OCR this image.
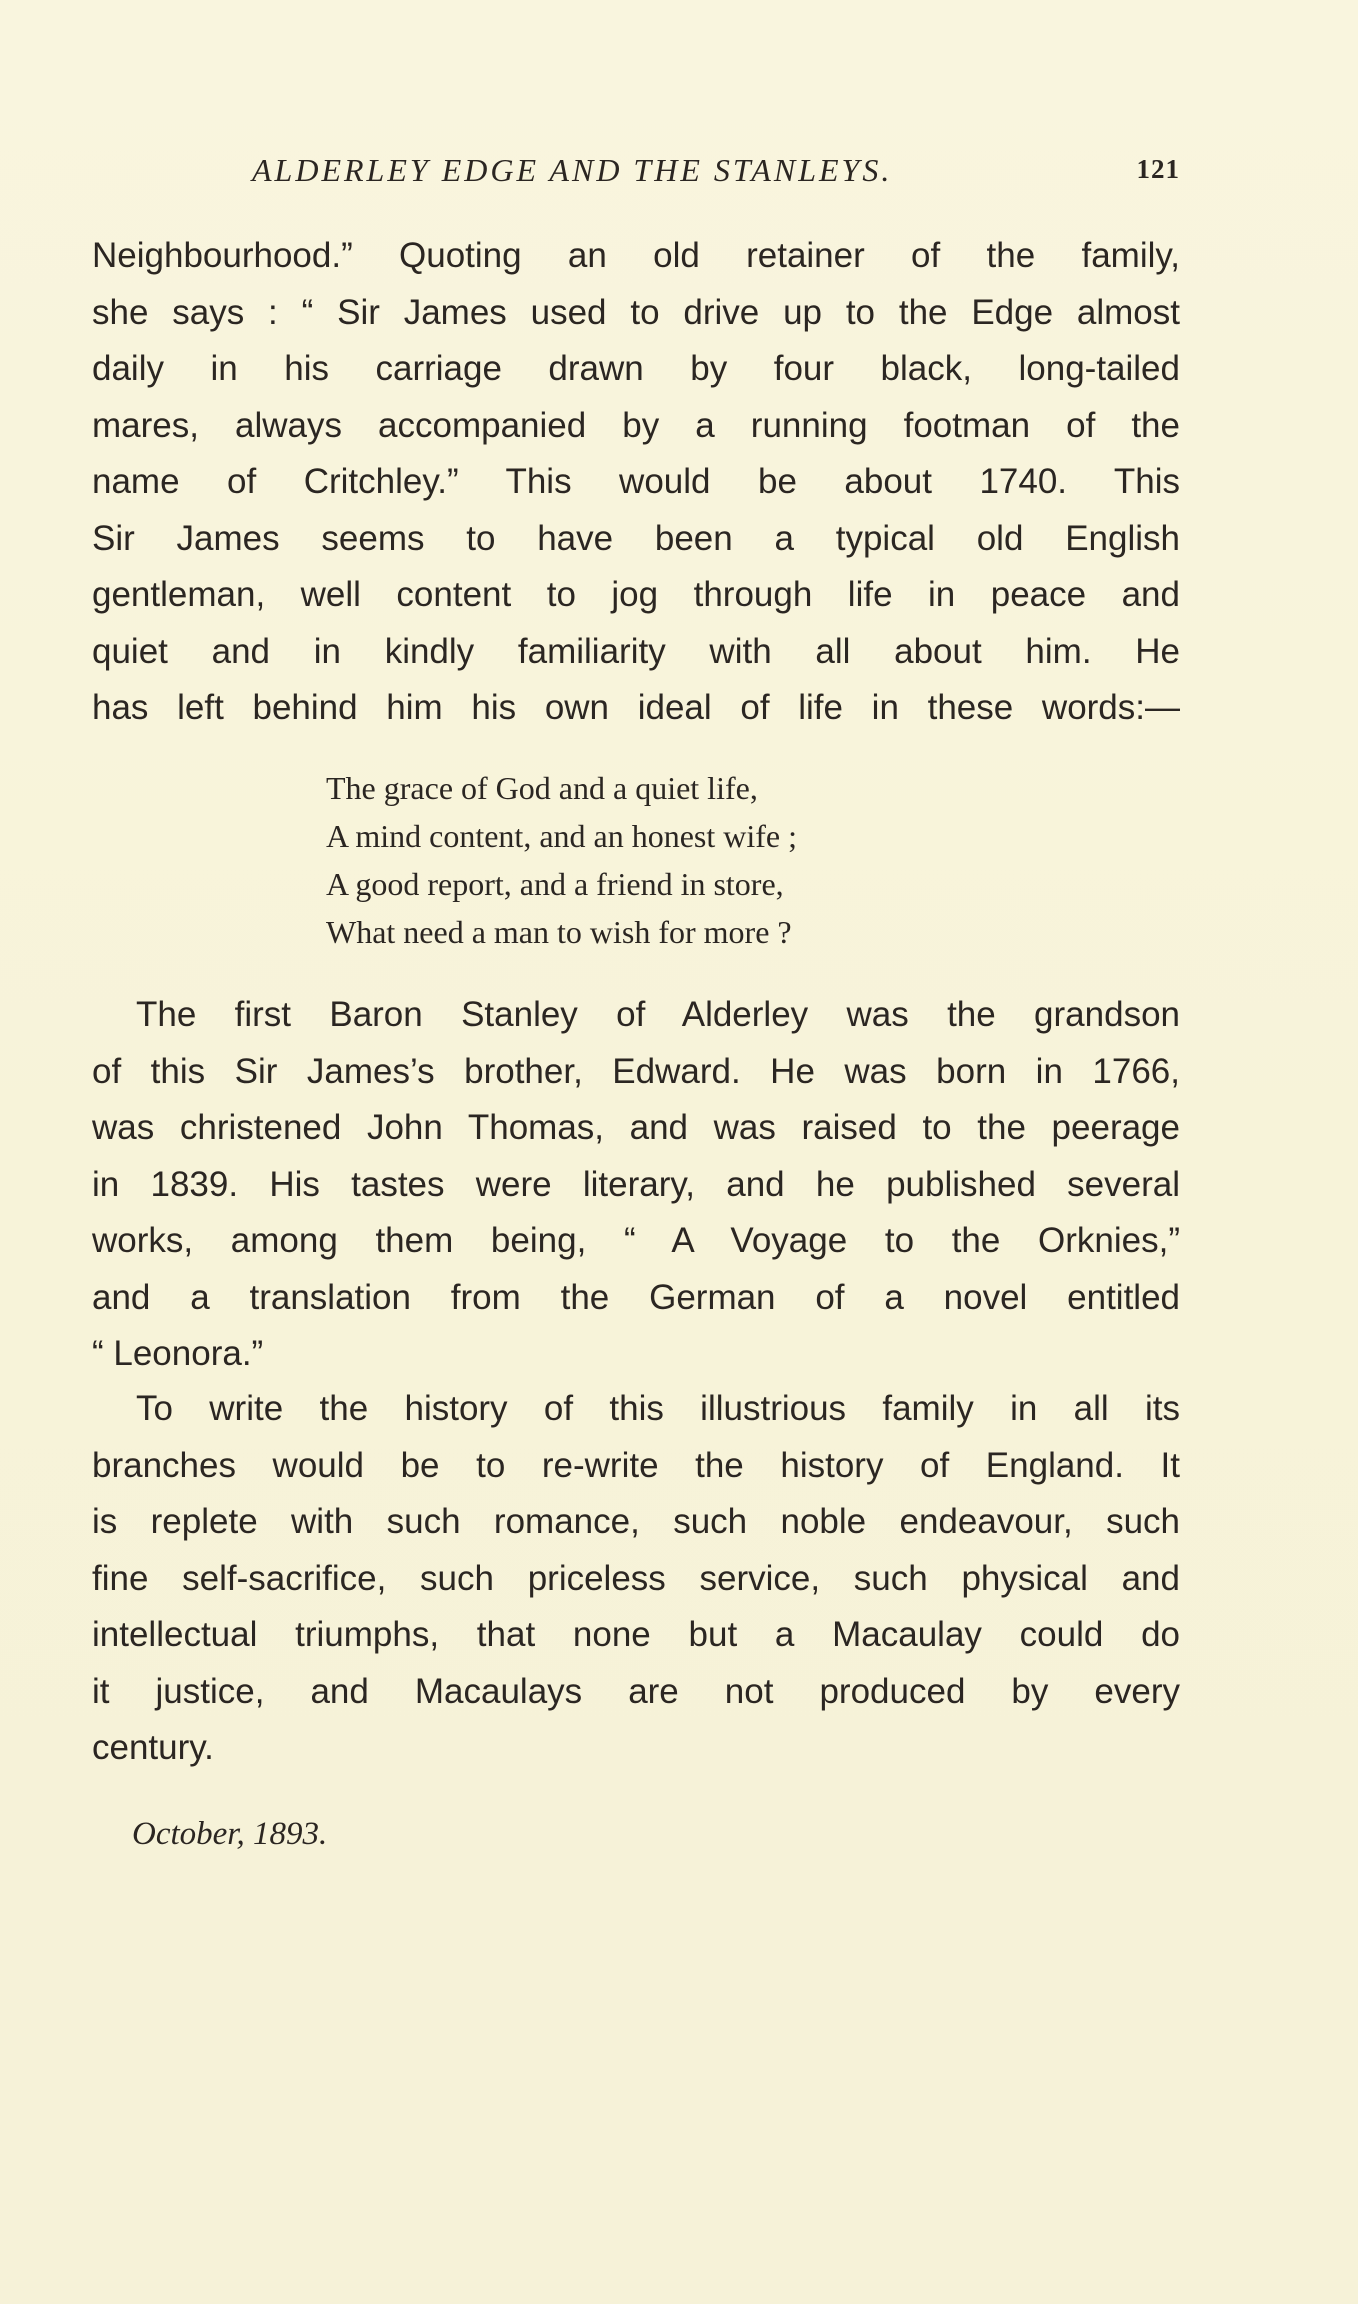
ALDERLEY EDGE AND THE STANLEYS.	121
Neighbourhood.” Quoting an old retainer of the family,
she says : “ Sir James used to drive up to the Edge almost
daily in his carriage drawn by four black, long-tailed
mares, always accompanied by a running footman of the
name of Critchley.” This would be about 1740. This
Sir James seems to have been a typical old English
gentleman, well content to jog through life in peace and
quiet and in kindly familiarity with all about him. He
has left behind him his own ideal of life in these words:—
The grace of God and a quiet life,
A mind content, and an honest wife ;
A good report, and a friend in store,
What need a man to wish for more ?
The first Baron Stanley of Alderley was the grandson
of this Sir James’s brother, Edward. He was born in 1766,
was christened John Thomas, and was raised to the peerage
in 1839. His tastes were literary, and he published several
works, among them being, “ A Voyage to the Orknies,”
and a translation from the German of a novel entitled
“ Leonora.”
To write the history of this illustrious family in all its
branches would be to re-write the history of England. It
is replete with such romance, such noble endeavour, such
fine self-sacrifice, such priceless service, such physical and
intellectual triumphs, that none but a Macaulay could do
it justice, and Macaulays are not produced by every
century.
October, 1893.
